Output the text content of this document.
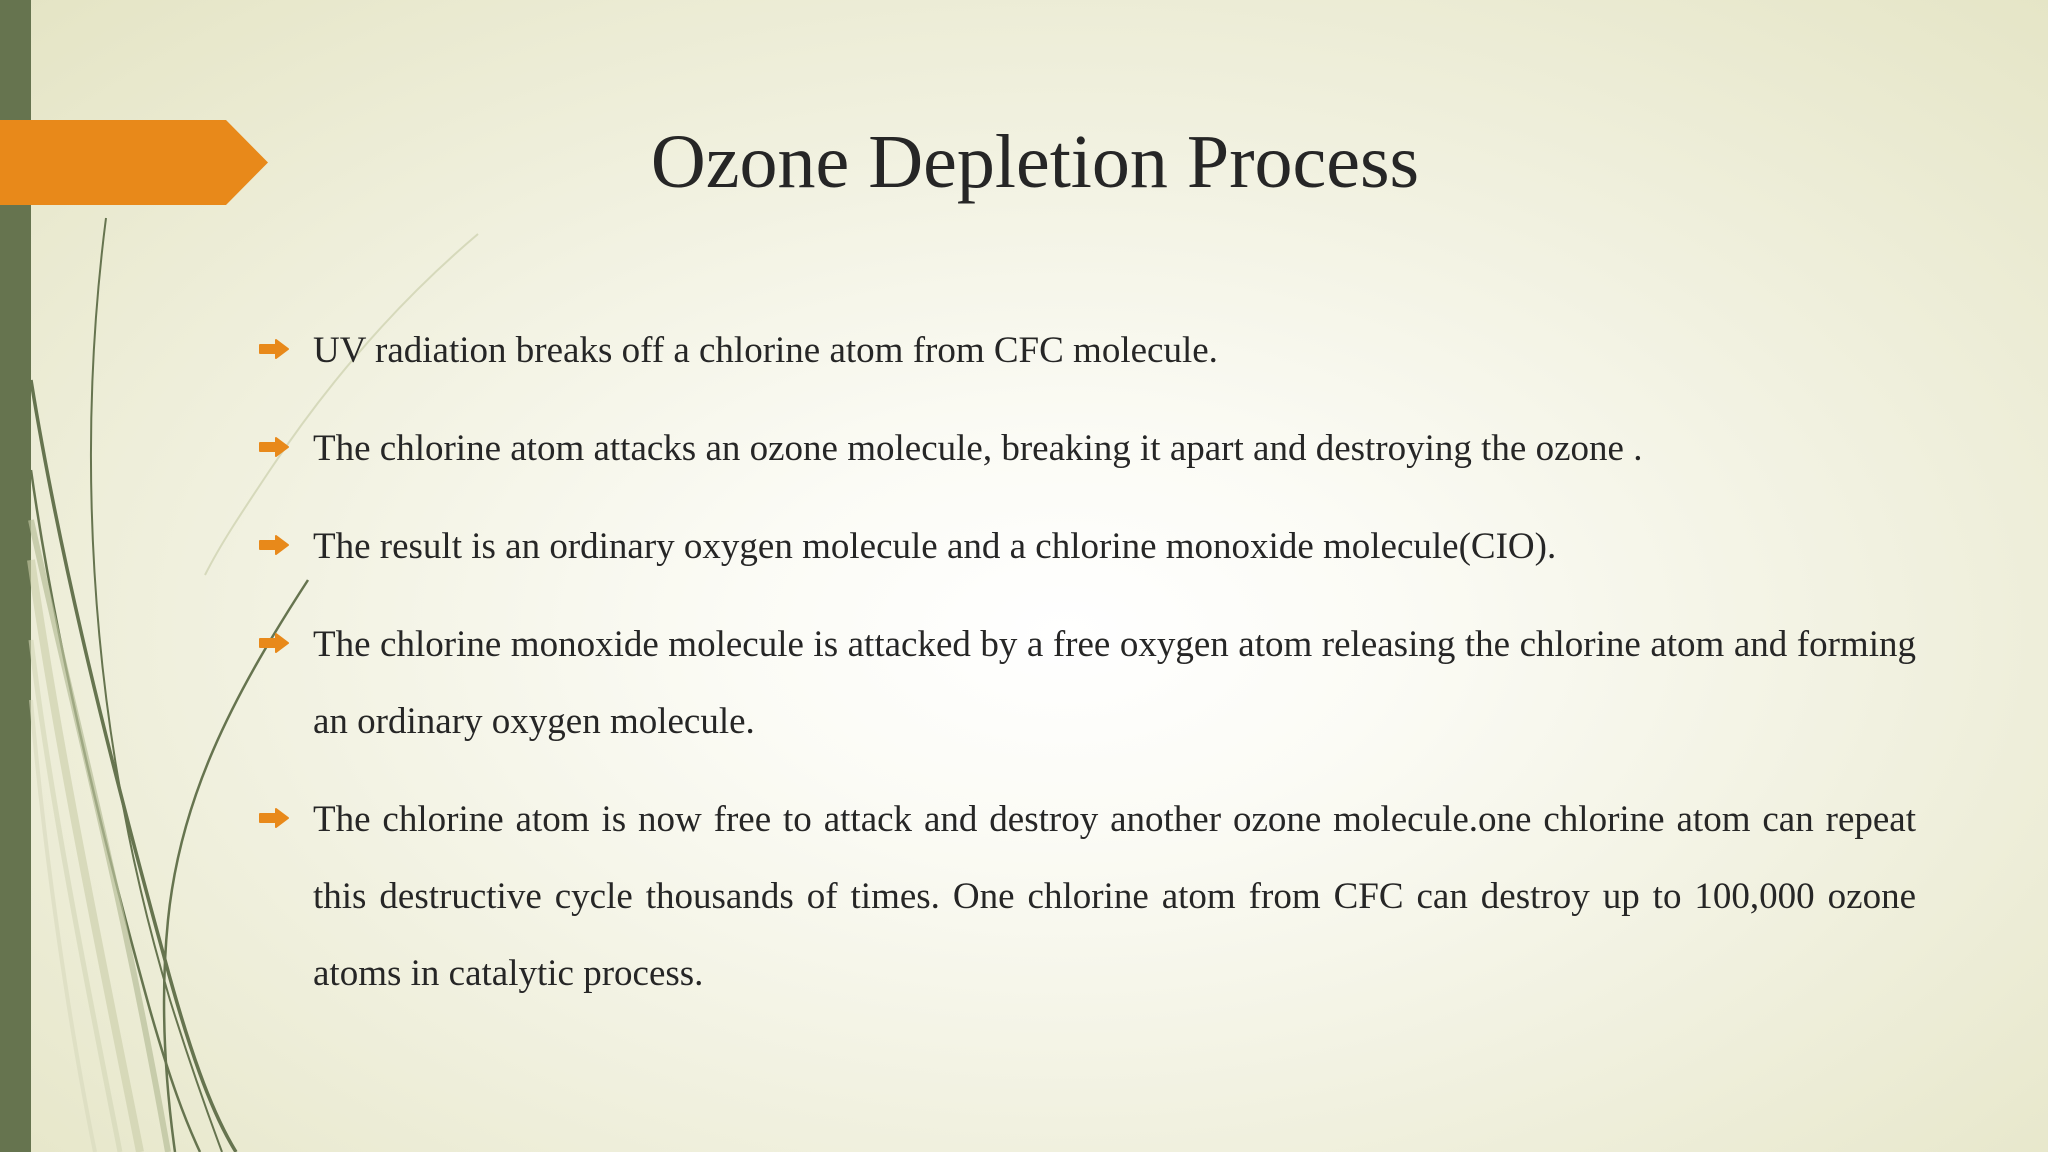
Ozone Depletion Process
UV radiation breaks off a chlorine atom from CFC molecule.
The chlorine atom attacks an ozone molecule, breaking it apart and destroying the ozone .
The result is an ordinary oxygen molecule and a chlorine monoxide molecule(CIO).
The chlorine monoxide molecule is attacked by a free oxygen atom releasing the chlorine atom and forming an ordinary oxygen molecule.
The chlorine atom is now free to attack and destroy another ozone molecule.one chlorine atom can repeat this destructive cycle thousands of times. One chlorine atom from CFC can destroy up to 100,000 ozone atoms in catalytic process.
